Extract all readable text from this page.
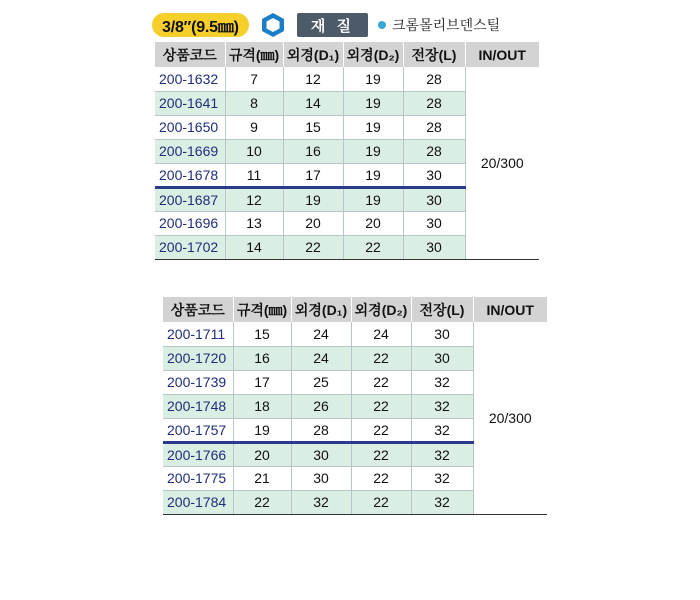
3/8″(9.5㎜)	재 질	크롬몰리브덴스틸
상품코드	규격(㎜)	외경(D₁)	외경(D₂)	전장(L)	IN/OUT
200-1632	7	12	19	28	20/300
200-1641	8	14	19	28	
200-1650	9	15	19	28	
200-1669	10	16	19	28	
200-1678	11	17	19	30	
200-1687	12	19	19	30	
200-1696	13	20	20	30	
200-1702	14	22	22	30	
상품코드	규격(㎜)	외경(D₁)	외경(D₂)	전장(L)	IN/OUT
200-1711	15	24	24	30	20/300
200-1720	16	24	22	30	
200-1739	17	25	22	32	
200-1748	18	26	22	32	
200-1757	19	28	22	32	
200-1766	20	30	22	32	
200-1775	21	30	22	32	
200-1784	22	32	22	32	
